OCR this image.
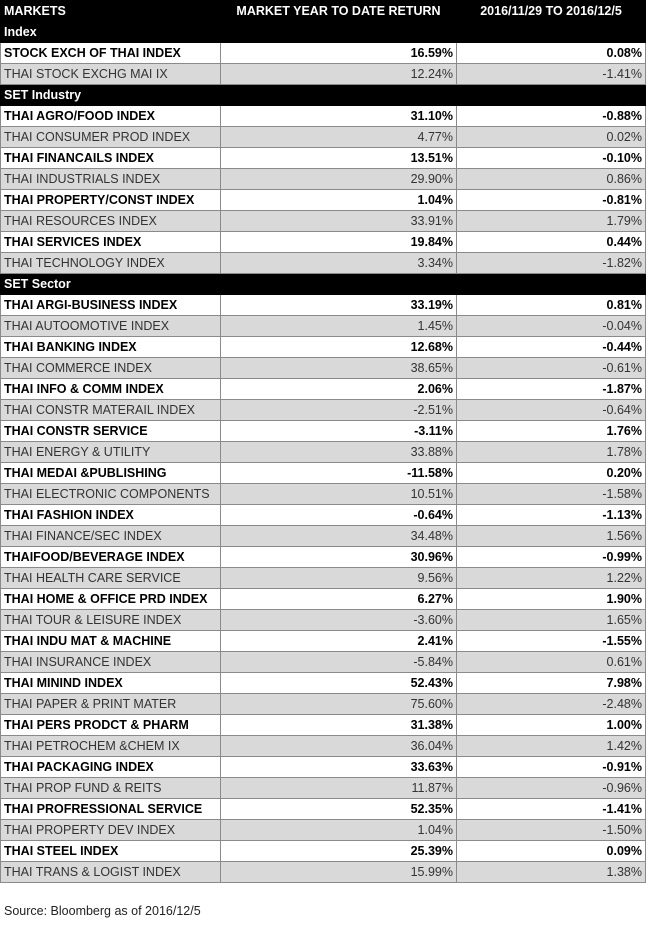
MARKETS	MARKET YEAR TO DATE RETURN	2016/11/29 TO 2016/12/5
Index		
STOCK EXCH OF THAI INDEX	16.59%	0.08%
THAI STOCK EXCHG MAI IX	12.24%	-1.41%
SET Industry		
THAI AGRO/FOOD INDEX	31.10%	-0.88%
THAI CONSUMER PROD INDEX	4.77%	0.02%
THAI FINANCAILS INDEX	13.51%	-0.10%
THAI INDUSTRIALS INDEX	29.90%	0.86%
THAI PROPERTY/CONST INDEX	1.04%	-0.81%
THAI RESOURCES INDEX	33.91%	1.79%
THAI SERVICES INDEX	19.84%	0.44%
THAI TECHNOLOGY INDEX	3.34%	-1.82%
SET Sector		
THAI ARGI-BUSINESS INDEX	33.19%	0.81%
THAI AUTOOMOTIVE INDEX	1.45%	-0.04%
THAI BANKING INDEX	12.68%	-0.44%
THAI COMMERCE INDEX	38.65%	-0.61%
THAI INFO & COMM INDEX	2.06%	-1.87%
THAI CONSTR MATERAIL INDEX	-2.51%	-0.64%
THAI CONSTR SERVICE	-3.11%	1.76%
THAI ENERGY & UTILITY	33.88%	1.78%
THAI MEDAI &PUBLISHING	-11.58%	0.20%
THAI ELECTRONIC COMPONENTS	10.51%	-1.58%
THAI FASHION INDEX	-0.64%	-1.13%
THAI FINANCE/SEC INDEX	34.48%	1.56%
THAIFOOD/BEVERAGE INDEX	30.96%	-0.99%
THAI HEALTH CARE SERVICE	9.56%	1.22%
THAI HOME & OFFICE PRD INDEX	6.27%	1.90%
THAI TOUR & LEISURE INDEX	-3.60%	1.65%
THAI INDU MAT & MACHINE	2.41%	-1.55%
THAI INSURANCE INDEX	-5.84%	0.61%
THAI MININD INDEX	52.43%	7.98%
THAI PAPER & PRINT MATER	75.60%	-2.48%
THAI PERS PRODCT & PHARM	31.38%	1.00%
THAI PETROCHEM &CHEM IX	36.04%	1.42%
THAI PACKAGING INDEX	33.63%	-0.91%
THAI PROP FUND & REITS	11.87%	-0.96%
THAI PROFRESSIONAL SERVICE	52.35%	-1.41%
THAI PROPERTY DEV INDEX	1.04%	-1.50%
THAI STEEL INDEX	25.39%	0.09%
THAI TRANS & LOGIST INDEX	15.99%	1.38%
Source: Bloomberg as of 2016/12/5
